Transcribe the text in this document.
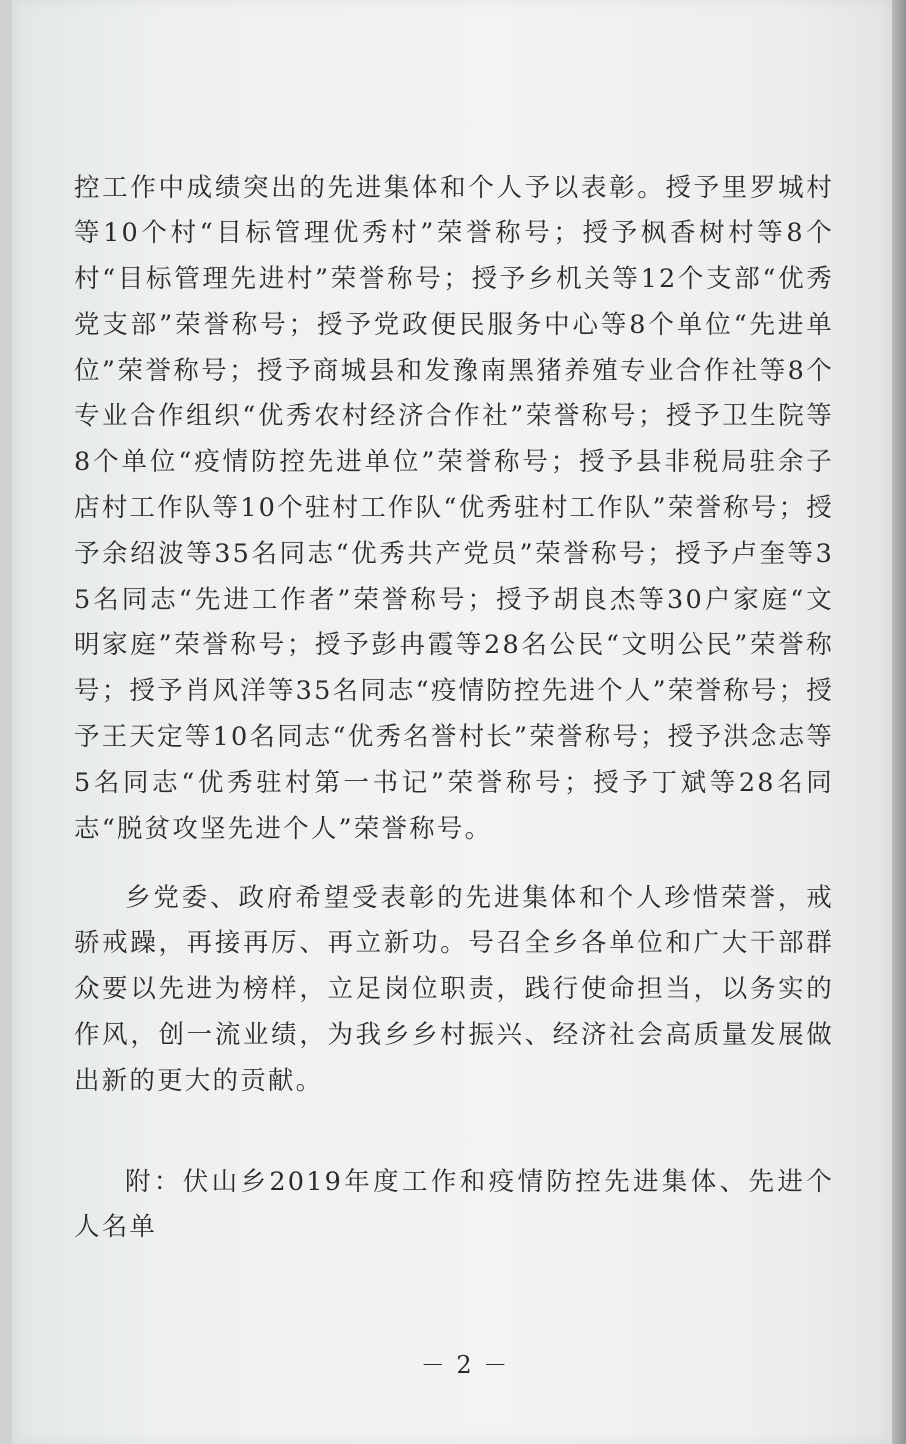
控工作中成绩突出的先进集体和个人予以表彰。授予里罗城村等10个村“目标管理优秀村”荣誉称号；授予枫香树村等8个村“目标管理先进村”荣誉称号；授予乡机关等12个支部“优秀党支部”荣誉称号；授予党政便民服务中心等8个单位“先进单位”荣誉称号；授予商城县和发豫南黑猪养殖专业合作社等8个专业合作组织“优秀农村经济合作社”荣誉称号；授予卫生院等8个单位“疫情防控先进单位”荣誉称号；授予县非税局驻余子店村工作队等10个驻村工作队“优秀驻村工作队”荣誉称号；授予余绍波等35名同志“优秀共产党员”荣誉称号；授予卢奎等35名同志“先进工作者”荣誉称号；授予胡良杰等30户家庭“文明家庭”荣誉称号；授予彭冉霞等28名公民“文明公民”荣誉称号；授予肖风洋等35名同志“疫情防控先进个人”荣誉称号；授予王天定等10名同志“优秀名誉村长”荣誉称号；授予洪念志等5名同志“优秀驻村第一书记”荣誉称号；授予丁斌等28名同志“脱贫攻坚先进个人”荣誉称号。

乡党委、政府希望受表彰的先进集体和个人珍惜荣誉，戒骄戒躁，再接再厉、再立新功。号召全乡各单位和广大干部群众要以先进为榜样，立足岗位职责，践行使命担当，以务实的作风，创一流业绩，为我乡乡村振兴、经济社会高质量发展做出新的更大的贡献。

附：伏山乡2019年度工作和疫情防控先进集体、先进个人名单

－ 2 －
